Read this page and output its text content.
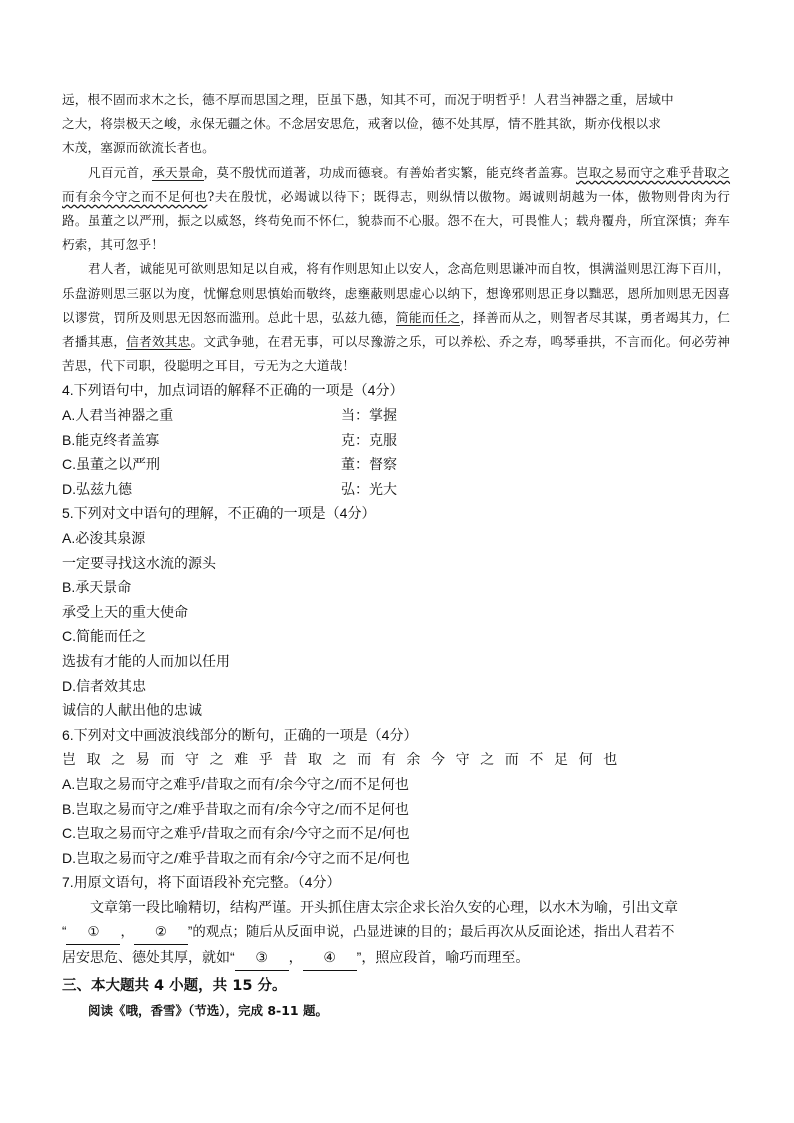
远，根不固而求木之长，德不厚而思国之理，臣虽下愚，知其不可，而况于明哲乎！人君当神器之重，居域中
之大，将崇极天之峻，永保无疆之休。不念居安思危，戒奢以俭，德不处其厚，情不胜其欲，斯亦伐根以求
木茂，塞源而欲流长者也。
凡百元首，承天景命，莫不殷忧而道著，功成而德衰。有善始者实繁，能克终者盖寡。岂取之易而守之难乎昔取之而有余今守之而不足何也?夫在殷忧，必竭诚以待下；既得志，则纵情以傲物。竭诚则胡越为一体，傲物则骨肉为行路。虽董之以严刑，振之以威怒，终苟免而不怀仁，貌恭而不心服。怨不在大，可畏惟人；载舟覆舟，所宜深慎；奔车朽索，其可忽乎！
君人者，诚能见可欲则思知足以自戒，将有作则思知止以安人，念高危则思谦冲而自牧，惧满溢则思江海下百川，乐盘游则思三驱以为度，忧懈怠则思慎始而敬终，虑壅蔽则思虚心以纳下，想谗邪则思正身以黜恶，恩所加则思无因喜以谬赏，罚所及则思无因怒而滥刑。总此十思，弘兹九德，简能而任之，择善而从之，则智者尽其谋，勇者竭其力，仁者播其惠，信者效其忠。文武争驰，在君无事，可以尽豫游之乐，可以养松、乔之寿，鸣琴垂拱，不言而化。何必劳神苦思，代下司职，役聪明之耳目，亏无为之大道哉！
4.下列语句中，加点词语的解释不正确的一项是（4分）
A.人君当神器之重	当：掌握
B.能克终者盖寡	克：克服
C.虽董之以严刑	董：督察
D.弘兹九德	弘：光大
5.下列对文中语句的理解，不正确的一项是（4分）
A.必浚其泉源
一定要寻找这水流的源头
B.承天景命
承受上天的重大使命
C.简能而任之
选拔有才能的人而加以任用
D.信者效其忠
诚信的人献出他的忠诚
6.下列对文中画波浪线部分的断句，正确的一项是（4分）
岂取之易而守之难乎昔取之而有余今守之而不足何也
A.岂取之易而守之难乎/昔取之而有/余今守之/而不足何也
B.岂取之易而守之/难乎昔取之而有/余今守之/而不足何也
C.岂取之易而守之难乎/昔取之而有余/今守之而不足/何也
D.岂取之易而守之/难乎昔取之而有余/今守之而不足/何也
7.用原文语句，将下面语段补充完整。（4分）
文章第一段比喻精切，结构严谨。开头抓住唐太宗企求长治久安的心理，以水木为喻，引出文章
“ ① ， ② ”的观点；随后从反面申说，凸显进谏的目的；最后再次从反面论述，指出人君若不
居安思危、德处其厚，就如“ ③ ， ④ ”，照应段首，喻巧而理至。
三、本大题共 4 小题，共 15 分。
阅读《哦，香雪》（节选），完成 8-11 题。
